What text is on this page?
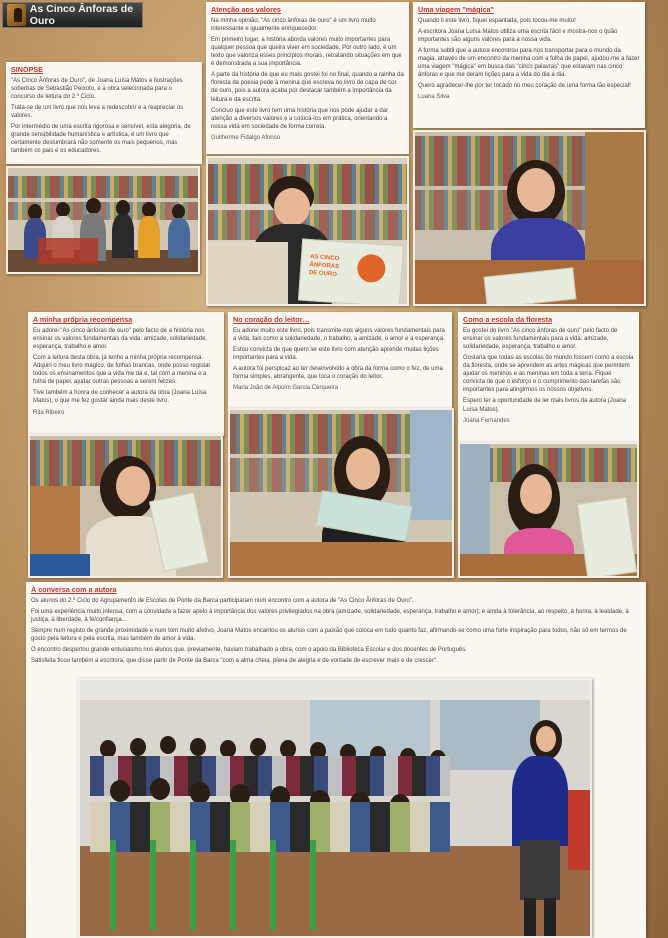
As Cinco Ânforas de Ouro
SINOPSE

"As Cinco Ânforas de Ouro", de Joana Luísa Matos e ilustrações soberbas de Sebastião Peixoto, é a obra selecionada para o concurso de leitura do 2.º Ciclo.

Trata-se de um livro que nos leva a redescobrir e a reapreciar os valores.

Por intermédio de uma escrita rigorosa e sensível, esta alegoria, de grande sensibilidade humanística e artística, é um livro que certamente deslumbrará não somente os mais pequenos, mas também os pais e os educadores.

Atenção aos valores

Na minha opinião, "As cinco ânforas de ouro" é um livro muito interessante e igualmente enriquecedor.

Em primeiro lugar, a história aborda valores muito importantes para qualquer pessoa que queira viver em sociedade. Por outro lado, é um texto que valoriza esses princípios morais, retratando situações em que é demonstrada a sua importância.

A parte da história de que eu mais gostei foi no final, quando a rainha da floresta da poesia pede à menina que escreva no livro de capa de cor de ouro, pois a autora acaba por destacar também a importância da leitura e da escrita.

Concluo que este livro tem uma história que nos pode ajudar a dar atenção a diversos valores e a colocá-los em prática, orientando a nossa vida em sociedade de forma correta.

Guilherme Fidalgo Afonso
AS CINCO
ÂNFORAS
DE OURO
Uma viagem "mágica"

Quando li este livro, fiquei espantada, pois tocou-me muito!

A escritora Joana Luísa Matos utiliza uma escrita fácil e mostra-nos o quão importantes são alguns valores para a nossa vida.

A forma subtil que a autora encontrou para nos transportar para o mundo da magia, através de um encontro da menina com a folha de papel, ajudou-me a fazer uma viagem "mágica" em busca das "cinco palavras" que estavam nas cinco ânforas e que me deram lições para a vida do dia a dia.

Quero agradecer-lhe por ter tocado no meu coração de uma forma tão especial!

Luana Silva
A minha própria recompensa

Eu adorei "As cinco ânforas de ouro" pelo facto de a história nos ensinar os valores fundamentais da vida: amizade, solidariedade, esperança, trabalho e amor.

Com a leitura desta obra, já tenho a minha própria recompensa. Adquiri o meu livro mágico, de folhas brancas, onde posso registar todos os ensinamentos que a vida me dá e, tal com a menina e a folha de papel, ajudar outras pessoas a serem felizes.

Tive também a honra de conhecer a autora da obra (Joana Luísa Matos), o que me fez gostar ainda mais deste livro.

Rita Ribeiro
No coração do leitor…

Eu adorei muito este livro, pois transmite-nos alguns valores fundamentais para a vida, tais como a solidariedade, o trabalho, a amizade, o amor e a esperança.

Estou convicta de que quem ler este livro com atenção aprende muitas lições importantes para a vida.

A autora foi perspicaz ao ter desenvolvido a obra da forma como o fez, de uma forma simples, abrangente, que toca o coração do leitor.

Maria João de Alpoim Garcia Cerqueira
Como a escola da floresta

Eu gostei do livro "As cinco ânforas de ouro" pelo facto de ensinar os valores fundamentais para a vida: amizade, solidariedade, esperança, trabalho e amor.

Gostaria que todas as escolas do mundo fossem como a escola da floresta, onde se aprendem as artes mágicas que permitem ajudar os meninos e as meninas em toda a terra. Fiquei convicta de que o esforço e o cumprimento das tarefas são importantes para atingirmos os nossos objetivos.

Espero ter a oportunidade de ler mais livros da autora (Joana Luísa Matos).

Joana Fernandes
À conversa com a autora

Os alunos do 2.º Ciclo do Agrupamento de Escolas de Ponte da Barca participaram num encontro com a autora de "As Cinco Ânforas de Ouro".

Foi uma experiência muito intensa, com a convidada a fazer apelo à importância dos valores privilegiados na obra (amizade, solidariedade, esperança, trabalho e amor); e ainda à tolerância, ao respeito, à honra, à lealdade, à justiça, à liberdade, à fé/confiança…

Sempre num registo de grande proximidade e num tom muito afetivo, Joana Matos encantou os alunos com a paixão que coloca em tudo quanto faz, afirmando-se como uma forte inspiração para todos, não só em termos de gosto pela leitura e pela escrita, mas também de amor à vida.

O encontro despertou grande entusiasmo nos alunos que, previamente, haviam trabalhado a obra, com o apoio da Biblioteca Escolar e dos docentes de Português.

Satisfeita ficou também a escritora, que disse partir de Ponte da Barca "com a alma cheia, plena de alegria e de vontade de escrever mais e de crescer".
